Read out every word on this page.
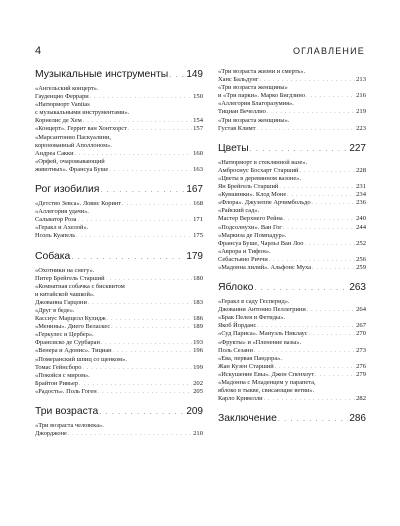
4	ОГЛАВЛЕНИЕ
Музыкальные инструменты . . . 149
«Ангельский концерт».
Гауденцио Феррари . . .	150
«Натюрморт Vanitas
с музыкальными инструментами».
Корнелис де Хем . . .	154
«Концерт». Геррит ван Хонтхорст . . .	157
«Марсантонио Паскуалини,
коронованный Аполлоном».
Андреа Сакки . . .	160
«Орфей, очаровывающий
животных». Франсуа Буше . . .	163
Рог изобилия . . .	167
«Детство Зевса». Ловис Коринт . . .	168
«Аллегория удачи».
Сальватор Роза . . .	171
«Геракл и Ахелой».
Ноэль Куапель . . .	175
Собака . . .	179
«Охотники на снегу».
Питер Брейгель Старший . . .	180
«Комнатная собачка с бисквитом
и китайской чашкой».
Джованна Гарцони . . .	183
«Друг в беде».
Кассиус Марцелл Кулидж . . .	186
«Менины». Диего Веласкес . . .	189
«Геркулес и Цербер».
Франсиско де Сурбаран . . .	193
«Венера и Адонис». Тициан . . .	196
«Померанский шпиц со щенком».
Томас Гейнсборо . . .	199
«Покойся с миром».
Брайтон Ривьер . . .	202
«Радость». Поль Гоген . . .	205
Три возраста . . .	209
«Три возраста человека».
Джорджоне . . .	210
«Три возраста жизни и смерть».
Ханс Бальдунг . . .	213
«Три возраста женщины»
и «Три парки». Марко Бигдзино . . .	216
«Аллегория Благоразумия».
Тициан Вечеллио . . .	219
«Три возраста женщины».
Густав Климт . . .	223
Цветы . . .	227
«Натюрморт в стеклянной вазе».
Амбросиус Босхарт Старший . . .	228
«Цветы в деревянном вазоне».
Ян Брейгель Старший . . .	231
«Кувшинки». Клод Моне . . .	234
«Флора». Джузеппе Арчимбольдо . . .	236
«Райский сад».
Мастер Верхнего Рейна . . .	240
«Подсолнухи». Ван Гог . . .	244
«Маркиза де Помпадур».
Франсуа Буше, Чарльз Ван Лоо . . .	252
«Аврора и Тифон».
Себастьяно Риччи . . .	256
«Мадонна лилий». Альфонс Муха . . .	259
Яблоко . . .	263
«Геракл в саду Гесперид».
Джованни Антонио Пеллегрини . . .	264
«Брак Пелея и Фетиды».
Якоб Йорданс . . .	267
«Суд Париса». Мануэль Никлаус . . .	270
«Фрукты» и «Пленение вазы».
Поль Сезанн . . .	273
«Ева, первая Пандора».
Жан Кузен Старший . . .	276
«Искушение Евы». Джон Спенхоут . . .	279
«Мадонна с Младенцем у парапета,
яблоко в тыкве, свисающие ветви».
Карло Кривелли . . .	282
Заключение . . .	286
